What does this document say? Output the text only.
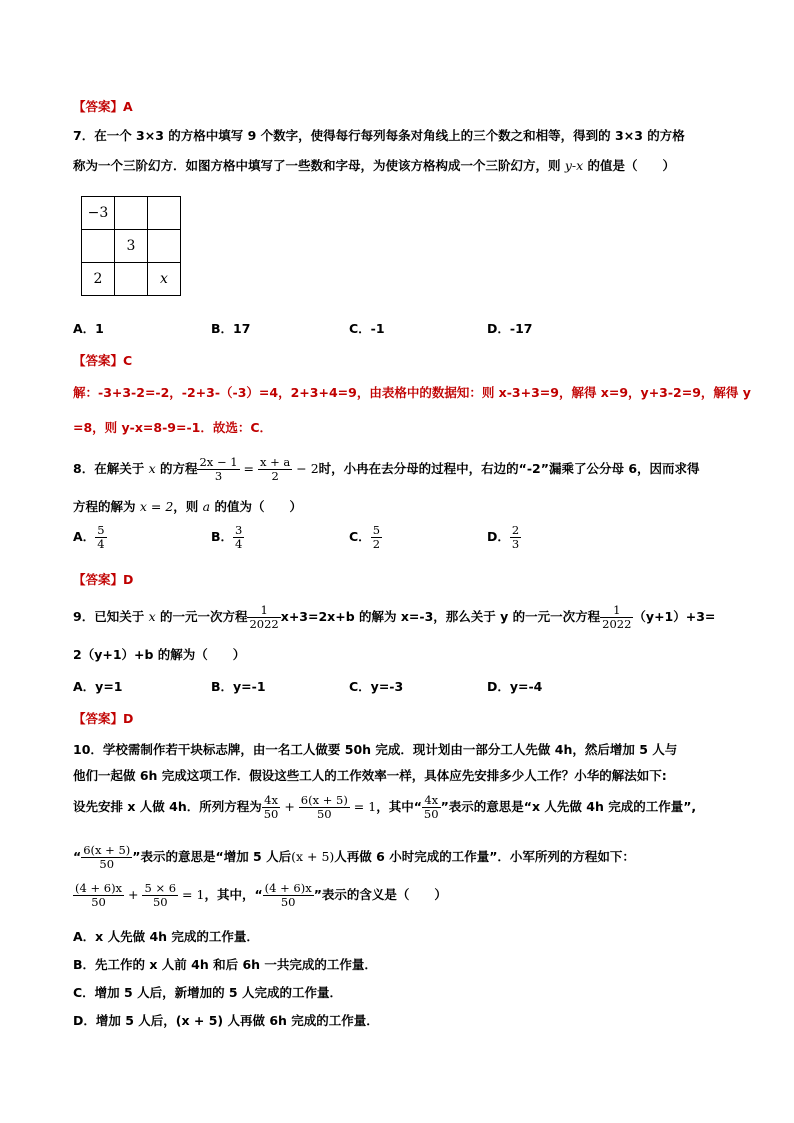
【答案】A
7．在一个 3×3 的方格中填写 9 个数字，使得每行每列每条对角线上的三个数之和相等，得到的 3×3 的方格
称为一个三阶幻方．如图方格中填写了一些数和字母，为使该方格构成一个三阶幻方，则 y-x 的值是（　　）
−3		
	3	
2		x
A．1	B．17	C．-1	D．-17
【答案】C
解：-3+3-2=-2，-2+3-（-3）=4，2+3+4=9，由表格中的数据知：则 x-3+3=9，解得 x=9，y+3-2=9，解得 y
=8，则 y-x=8-9=-1．故选：C．
8．在解关于 x 的方程 $\frac{2x - 1}{3} = \frac{x + a}{2} - 2$时，小冉在去分母的过程中，右边的“-2”漏乘了公分母 6，因而求得
方程的解为 x = 2，则 a 的值为（　　）
A． $\frac{5}{4}$	B． $\frac{3}{4}$	C． $\frac{5}{2}$	D． $\frac{2}{3}$
【答案】D
9．已知关于 x 的一元一次方程 $\frac{1}{2022} x+3=2x+b$ 的解为 x=-3，那么关于 y 的一元一次方程 $\frac{1}{2022} (y+1)+3=$
2（y+1）+b 的解为（　　）
A．y=1	B．y=-1	C．y=-3	D．y=-4
【答案】D
10．学校需制作若干块标志牌，由一名工人做要 50h 完成．现计划由一部分工人先做 4h，然后增加 5 人与
他们一起做 6h 完成这项工作．假设这些工人的工作效率一样，具体应先安排多少人工作？小华的解法如下:
设先安排 x 人做 4h．所列方程为 $\frac{4x}{50} + \frac{6(x + 5)}{50} = 1$，其中“ $\frac{4x}{50}$ ”表示的意思是“x 人先做 4h 完成的工作量”,
“ $\frac{6(x + 5)}{50}$ ”表示的意思是“增加 5 人后(x + 5)人再做 6 小时完成的工作量”．小军所列的方程如下：
$\frac{(4 + 6)x}{50} + \frac{5 \times 6}{50} = 1$，其中，“ $\frac{(4 + 6)x}{50}$ ”表示的含义是（　　）
A．x 人先做 4h 完成的工作量．
B．先工作的 x 人前 4h 和后 6h 一共完成的工作量．
C．增加 5 人后，新增加的 5 人完成的工作量．
D．增加 5 人后，(x + 5) 人再做 6h 完成的工作量．
